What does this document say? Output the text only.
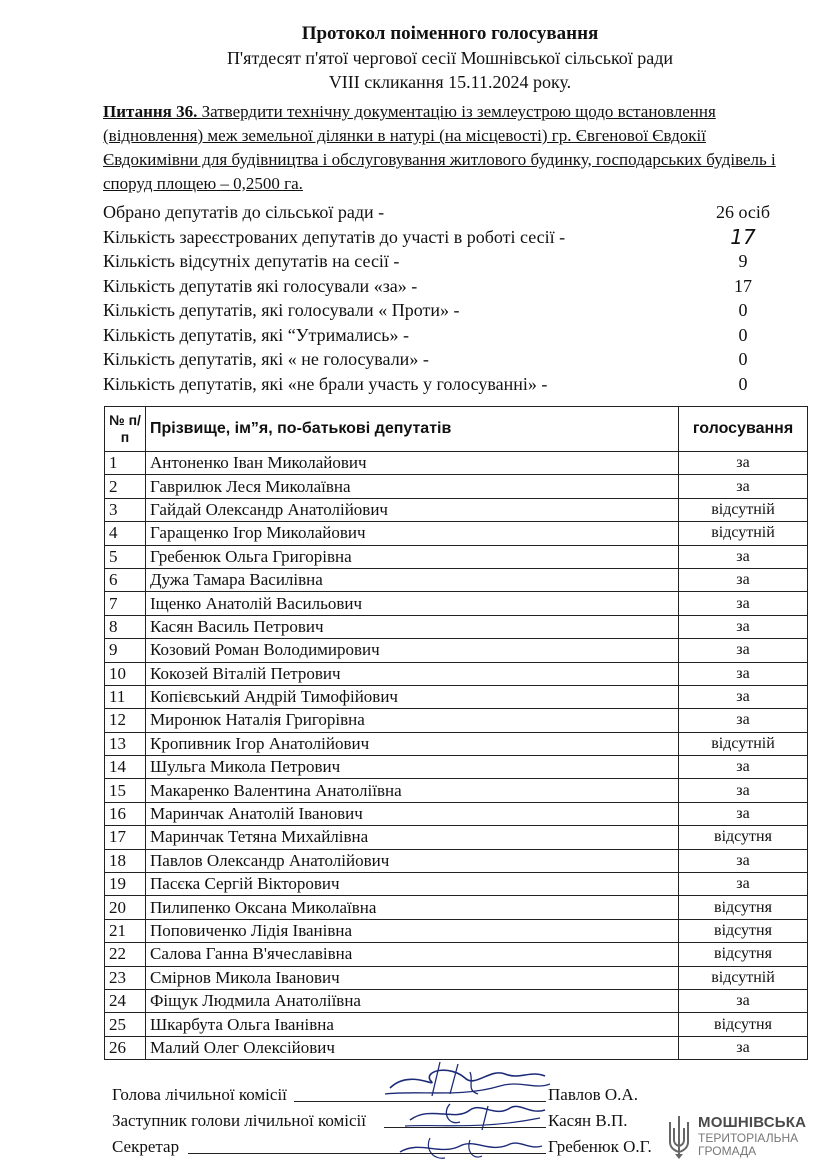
Протокол поіменного голосування
П'ятдесят п'ятої чергової сесії Мошнівської сільської ради
VIII скликання 15.11.2024 року.
Питання 36. Затвердити технічну документацію із землеустрою щодо встановлення (відновлення) меж земельної ділянки в натурі (на місцевості) гр. Євгенової Євдокії Євдокимівни для будівництва і обслуговування житлового будинку, господарських будівель і споруд площею – 0,2500 га.
Обрано депутатів до сільської ради -	26 осіб
Кількість зареєстрованих депутатів до участі в роботі сесії -	17
Кількість відсутніх депутатів на сесії -	9
Кількість депутатів які голосували «за» -	17
Кількість депутатів, які голосували « Проти» -	0
Кількість депутатів, які “Утримались» -	0
Кількість депутатів, які « не голосували» -	0
Кількість депутатів, які «не брали участь у голосуванні» -	0
№ п/п	Прізвище, ім”я, по-батькові депутатів	голосування
1	Антоненко Іван Миколайович	за
2	Гаврилюк Леся Миколаївна	за
3	Гайдай Олександр Анатолійович	відсутній
4	Гаращенко Ігор Миколайович	відсутній
5	Гребенюк Ольга Григорівна	за
6	Дужа Тамара Василівна	за
7	Іщенко Анатолій Васильович	за
8	Касян Василь Петрович	за
9	Козовий Роман Володимирович	за
10	Кокозей Віталій Петрович	за
11	Копієвський Андрій Тимофійович	за
12	Миронюк Наталія Григорівна	за
13	Кропивник Ігор Анатолійович	відсутній
14	Шульга Микола Петрович	за
15	Макаренко Валентина Анатоліївна	за
16	Маринчак Анатолій Іванович	за
17	Маринчак Тетяна Михайлівна	відсутня
18	Павлов Олександр Анатолійович	за
19	Пасєка Сергій Вікторович	за
20	Пилипенко Оксана Миколаївна	відсутня
21	Поповиченко Лідія Іванівна	відсутня
22	Салова Ганна В'ячеславівна	відсутня
23	Смірнов Микола Іванович	відсутній
24	Фіщук Людмила Анатоліївна	за
25	Шкарбута Ольга Іванівна	відсутня
26	Малий Олег Олексійович	за
Голова лічильної комісії	Павлов О.А.
Заступник голови лічильної комісії	Касян В.П.
Секретар	Гребенюк О.Г.
МОШНІВСЬКА
ТЕРИТОРІАЛЬНА
ГРОМАДА
